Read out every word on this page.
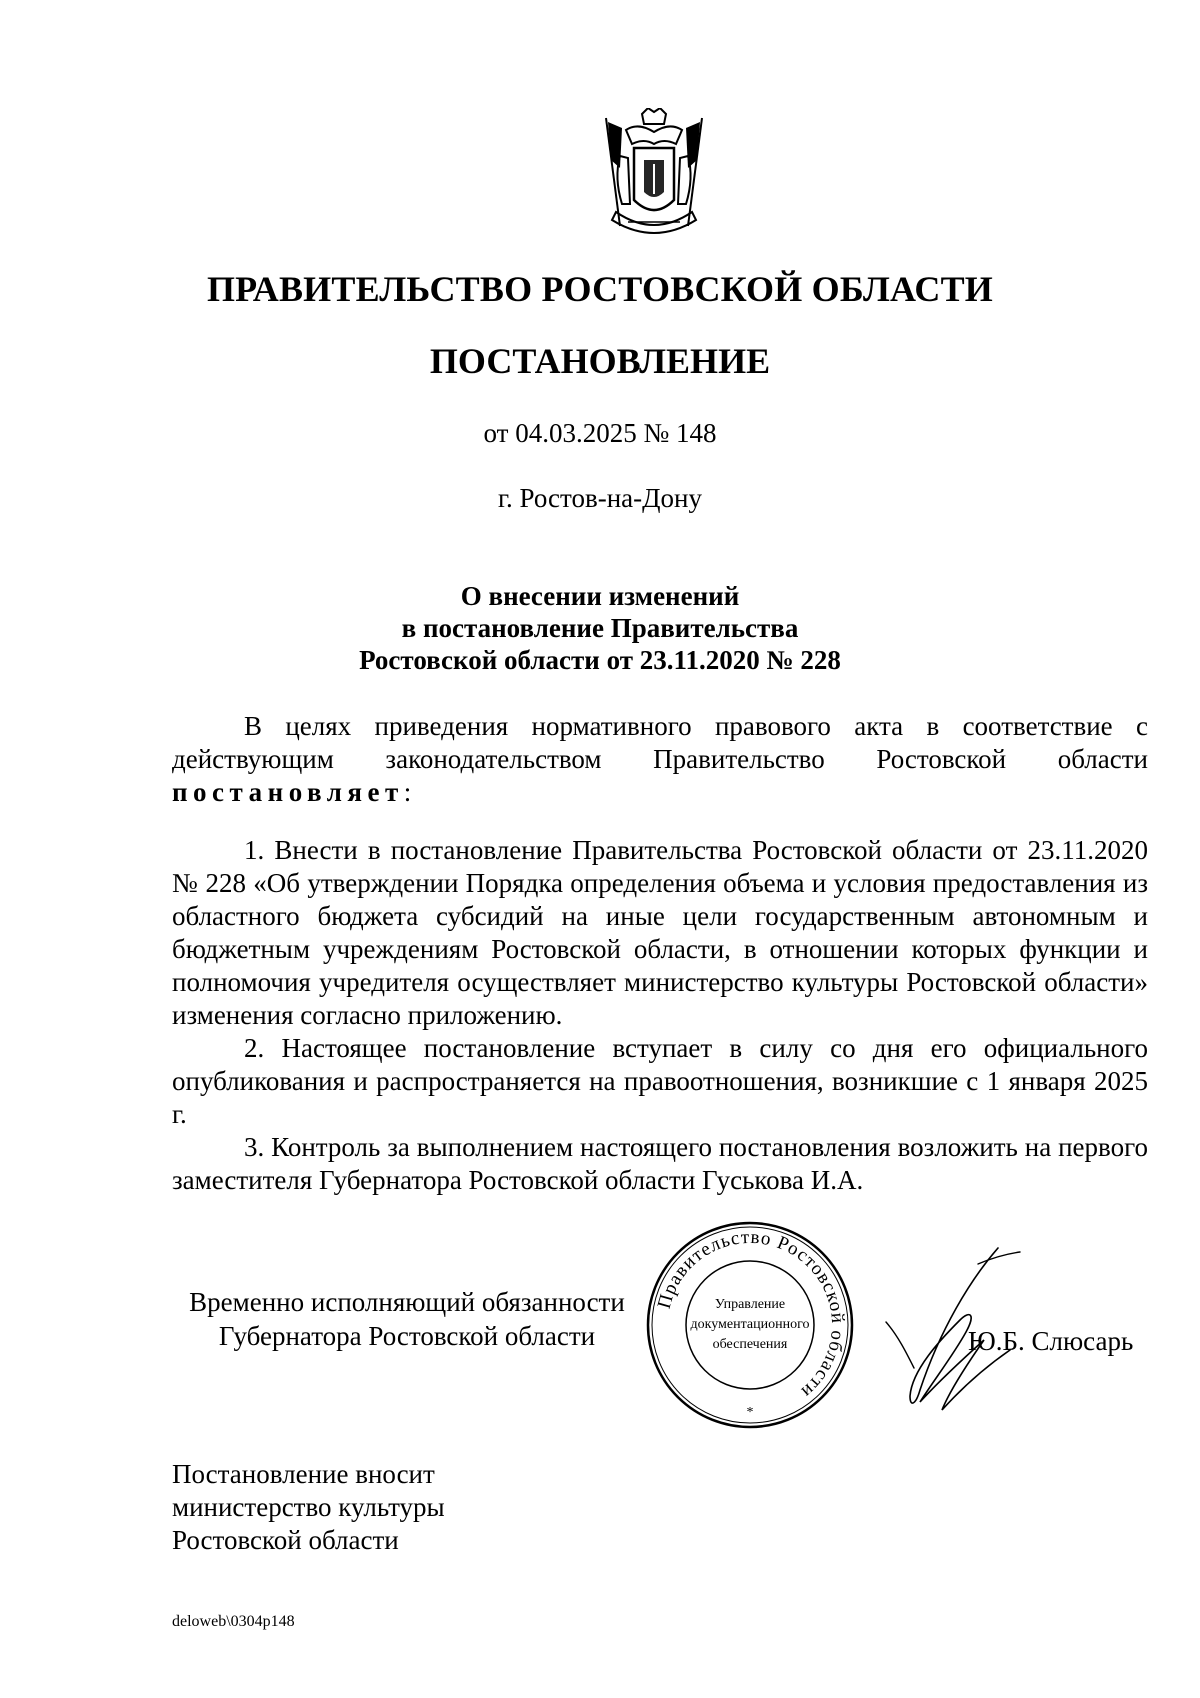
ПРАВИТЕЛЬСТВО РОСТОВСКОЙ ОБЛАСТИ
ПОСТАНОВЛЕНИЕ
от 04.03.2025 № 148
г. Ростов-на-Дону
О внесении изменений
в постановление Правительства
Ростовской области от 23.11.2020 № 228

В целях приведения нормативного правового акта в соответствие с действующим законодательством Правительство Ростовской области постановляет:

1. Внести в постановление Правительства Ростовской области от 23.11.2020 № 228 «Об утверждении Порядка определения объема и условия предоставления из областного бюджета субсидий на иные цели государственным автономным и бюджетным учреждениям Ростовской области, в отношении которых функции и полномочия учредителя осуществляет министерство культуры Ростовской области» изменения согласно приложению.

2. Настоящее постановление вступает в силу со дня его официального опубликования и распространяется на правоотношения, возникшие с 1 января 2025 г.

3. Контроль за выполнением настоящего постановления возложить на первого заместителя Губернатора Ростовской области Гуськова И.А.

Временно исполняющий обязанности
Губернатора Ростовской области
Правительство Ростовской области
Управление
документационного
обеспечения
*
Ю.Б. Слюсарь
Постановление вносит
министерство культуры
Ростовской области
deloweb\0304p148
